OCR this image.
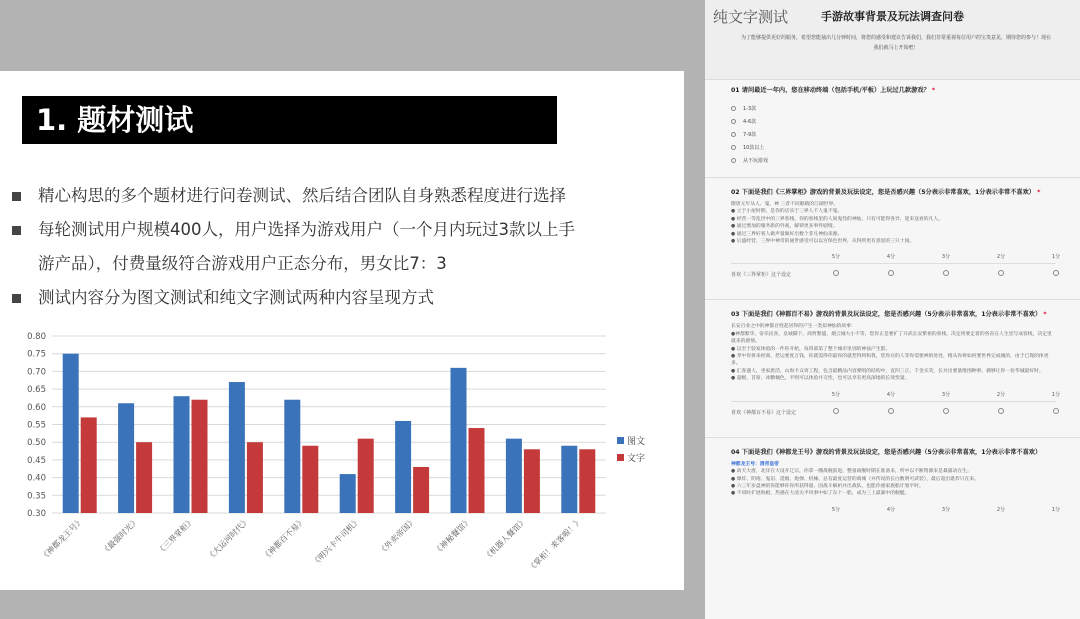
1. 题材测试
精心构思的多个题材进行问卷测试、然后结合团队自身熟悉程度进行选择
每轮测试用户规模400人，用户选择为游戏用户（一个月内玩过3款以上手
游产品），付费量级符合游戏用户正态分布，男女比7：3
测试内容分为图文测试和纯文字测试两种内容呈现方式
0.30
0.35
0.40
0.45
0.50
0.55
0.60
0.65
0.70
0.75
0.80
《神都龙王号》 《最强时光》 《三界掌柜》 《大运河时代》 《神都百不易》 《明兴卡牛司机》 《外卖帝国》 《神秘餐馆》 《机器人餐馆》
《掌柜！来客啦！》
图文
文字
纯文字测试	手游故事背景及玩法调查问卷
为了能够提供更好的服务，希望您能抽出几分钟时间，将您的感受和建议告诉我们，我们非常重视每位用户的宝贵意见，期待您的参与！现在我们就马上开始吧！
01 请问最近一年内，您在移动终端（包括手机/平板）上玩过几款游戏？ *
1-3款
4-6款
7-9款
10款以上
从不玩游戏
02 下面是我们《三界掌柜》游戏的背景及玩法设定，您是否感兴趣（5分表示非常喜欢，1分表示非常不喜欢） *
隋唐元年从人、鬼、神 三者不同眼睛的江湖世界。
● 立于小屋时期，是你的店乐于三界人不人鬼不鬼。
● 经营一等乱世中的三界客栈，你的客栈里的人间鬼怪的神仙，只有可能得各异、迎来送看的凡人。
● 通过增加的服务新的外观，解锁更多事件剧情。
● 通过三界好客人做声量做好出数个非凡神仙来源。
● 后盛经营，三界中神奇的通世感受可以以宫保色世界，从得到更有意思的三只十国。
5分	4分	3分	2分	1分
喜欢《三界掌柜》这个设定
03 下面是我们《神都百不易》游戏的背景及玩法设定，您是否感兴趣（5分表示非常喜欢，1分表示非常不喜欢） *
长安百业之中的神都百姓起居得的产生一类似神仙的故事：
●神都繁华，帝乐民喜，皇城脚下，商贾繁盛，烟云城大小不等，您你正是要扩了开武长安繁祖的客栈，决定将要走着的各省在人生里写成客栈，决定里就来的感情。
● 以至于较家体验的一件你开始，每四部第了整个城市里别的神仙产生影。
● 孝中你将来经商、惹运要度万钱，你就需得你最你的就惹得到和我，您你应的人等你需要神的处处，稍从你将如何要世界完成城的，由于已现的体更多。
● 汇客遇人，坐家唐活，山海卡众寄工程，包含最精品内容要唱的结构中，直四三正，千金买笑，长并出要量维围种事，偶够让你一份华城最好时。
● 超级、首席、冰糖桶色，平则可以体验并交性，也可以享有更高深地的长效变量。
5分	4分	3分	2分	1分
喜欢《神都百不易》这个设定
04 下面是我们《神都龙王号》游戏的背景及玩法设定，您是否感兴趣（5分表示非常喜欢，1分表示非常不喜欢）
神都龙王号：清帝皇帝
● 故天大唐，北洋在大设开辽宗，你掌一艘战舰前进，整备战舰时期在准备来，所中以不断资源来是暴露动在生。
● 爆炸、阴炮、鬼诏、遥烟、炮弹、机械、总有最度运营的商城（并传说的长白数明可武装），最后超出堪炸只在来。
● 六三年岁盘神的你能够你你所获得量，因战斗解析并出战队，也能你重家族船计划平时。
● 不同时扩展海板，热感在大清关平风事中如了东十一船，成为三上最暴中的舰艇。
5分	4分	3分	2分	1分
